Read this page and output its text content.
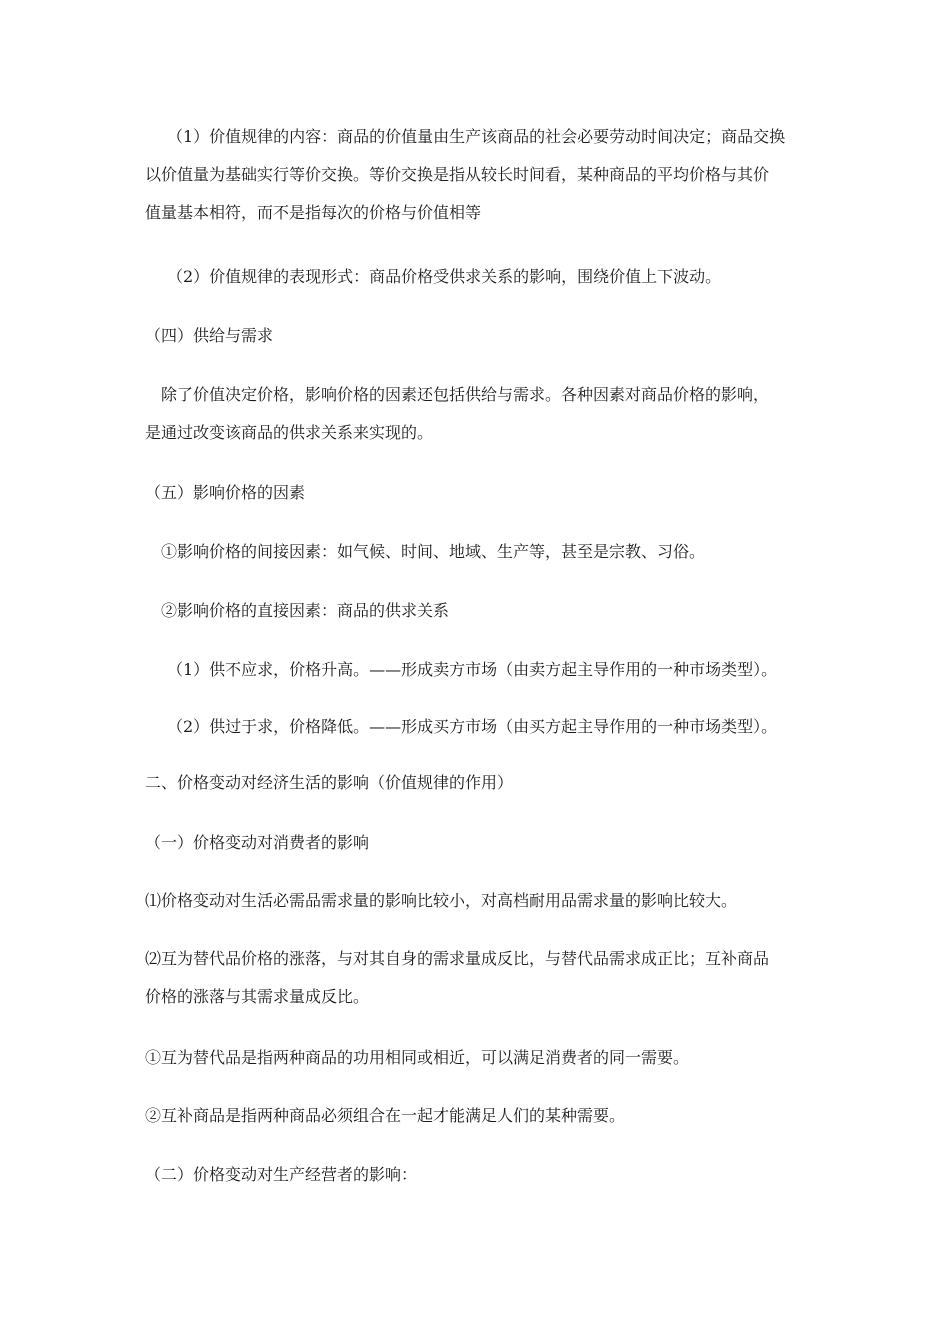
（1）价值规律的内容：商品的价值量由生产该商品的社会必要劳动时间决定；商品交换
以价值量为基础实行等价交换。等价交换是指从较长时间看，某种商品的平均价格与其价
值量基本相符，而不是指每次的价格与价值相等
（2）价值规律的表现形式：商品价格受供求关系的影响，围绕价值上下波动。
（四）供给与需求
除了价值决定价格，影响价格的因素还包括供给与需求。各种因素对商品价格的影响，
是通过改变该商品的供求关系来实现的。
（五）影响价格的因素
①影响价格的间接因素：如气候、时间、地域、生产等，甚至是宗教、习俗。
②影响价格的直接因素：商品的供求关系
（1）供不应求，价格升高。——形成卖方市场（由卖方起主导作用的一种市场类型）。
（2）供过于求，价格降低。——形成买方市场（由买方起主导作用的一种市场类型）。
二、价格变动对经济生活的影响（价值规律的作用）
（一）价格变动对消费者的影响
⑴价格变动对生活必需品需求量的影响比较小，对高档耐用品需求量的影响比较大。
⑵互为替代品价格的涨落，与对其自身的需求量成反比，与替代品需求成正比；互补商品
价格的涨落与其需求量成反比。
①互为替代品是指两种商品的功用相同或相近，可以满足消费者的同一需要。
②互补商品是指两种商品必须组合在一起才能满足人们的某种需要。
（二）价格变动对生产经营者的影响：
